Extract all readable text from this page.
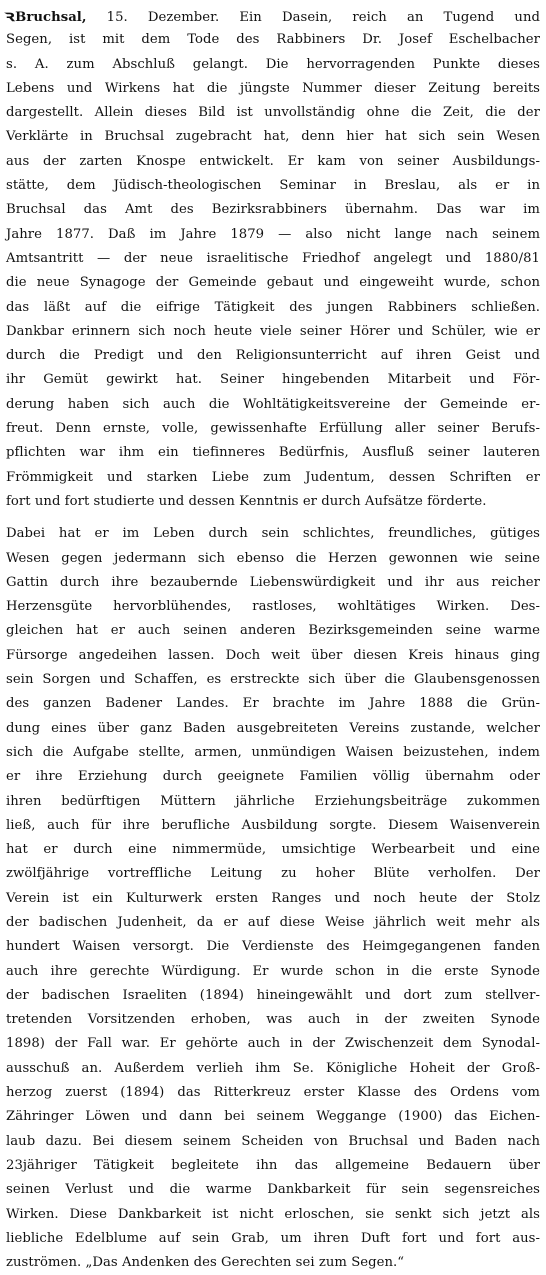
ꝛBruchsal, 15. Dezember. Ein Dasein, reich an Tugend und
Segen, ist mit dem Tode des Rabbiners Dr. Josef Eschelbacher
s. A. zum Abschluß gelangt. Die hervorragenden Punkte dieses
Lebens und Wirkens hat die jüngste Nummer dieser Zeitung bereits
dargestellt. Allein dieses Bild ist unvollständig ohne die Zeit, die der
Verklärte in Bruchsal zugebracht hat, denn hier hat sich sein Wesen
aus der zarten Knospe entwickelt. Er kam von seiner Ausbildungs-
stätte, dem Jüdisch-theologischen Seminar in Breslau, als er in
Bruchsal das Amt des Bezirksrabbiners übernahm. Das war im
Jahre 1877. Daß im Jahre 1879 — also nicht lange nach seinem
Amtsantritt — der neue israelitische Friedhof angelegt und 1880/81
die neue Synagoge der Gemeinde gebaut und eingeweiht wurde, schon
das läßt auf die eifrige Tätigkeit des jungen Rabbiners schließen.
Dankbar erinnern sich noch heute viele seiner Hörer und Schüler, wie er
durch die Predigt und den Religionsunterricht auf ihren Geist und
ihr Gemüt gewirkt hat. Seiner hingebenden Mitarbeit und För-
derung haben sich auch die Wohltätigkeitsvereine der Gemeinde er-
freut. Denn ernste, volle, gewissenhafte Erfüllung aller seiner Berufs-
pflichten war ihm ein tiefinneres Bedürfnis, Ausfluß seiner lauteren
Frömmigkeit und starken Liebe zum Judentum, dessen Schriften er
fort und fort studierte und dessen Kenntnis er durch Aufsätze förderte.
Dabei hat er im Leben durch sein schlichtes, freundliches, gütiges
Wesen gegen jedermann sich ebenso die Herzen gewonnen wie seine
Gattin durch ihre bezaubernde Liebenswürdigkeit und ihr aus reicher
Herzensgüte hervorblühendes, rastloses, wohltätiges Wirken. Des-
gleichen hat er auch seinen anderen Bezirksgemeinden seine warme
Fürsorge angedeihen lassen. Doch weit über diesen Kreis hinaus ging
sein Sorgen und Schaffen, es erstreckte sich über die Glaubensgenossen
des ganzen Badener Landes. Er brachte im Jahre 1888 die Grün-
dung eines über ganz Baden ausgebreiteten Vereins zustande, welcher
sich die Aufgabe stellte, armen, unmündigen Waisen beizustehen, indem
er ihre Erziehung durch geeignete Familien völlig übernahm oder
ihren bedürftigen Müttern jährliche Erziehungsbeiträge zukommen
ließ, auch für ihre berufliche Ausbildung sorgte. Diesem Waisenverein
hat er durch eine nimmermüde, umsichtige Werbearbeit und eine
zwölfjährige vortreffliche Leitung zu hoher Blüte verholfen. Der
Verein ist ein Kulturwerk ersten Ranges und noch heute der Stolz
der badischen Judenheit, da er auf diese Weise jährlich weit mehr als
hundert Waisen versorgt. Die Verdienste des Heimgegangenen fanden
auch ihre gerechte Würdigung. Er wurde schon in die erste Synode
der badischen Israeliten (1894) hineingewählt und dort zum stellver-
tretenden Vorsitzenden erhoben, was auch in der zweiten Synode
1898) der Fall war. Er gehörte auch in der Zwischenzeit dem Synodal-
ausschuß an. Außerdem verlieh ihm Se. Königliche Hoheit der Groß-
herzog zuerst (1894) das Ritterkreuz erster Klasse des Ordens vom
Zähringer Löwen und dann bei seinem Weggange (1900) das Eichen-
laub dazu. Bei diesem seinem Scheiden von Bruchsal und Baden nach
23jähriger Tätigkeit begleitete ihn das allgemeine Bedauern über
seinen Verlust und die warme Dankbarkeit für sein segensreiches
Wirken. Diese Dankbarkeit ist nicht erloschen, sie senkt sich jetzt als
liebliche Edelblume auf sein Grab, um ihren Duft fort und fort aus-
zuströmen. „Das Andenken des Gerechten sei zum Segen.“
